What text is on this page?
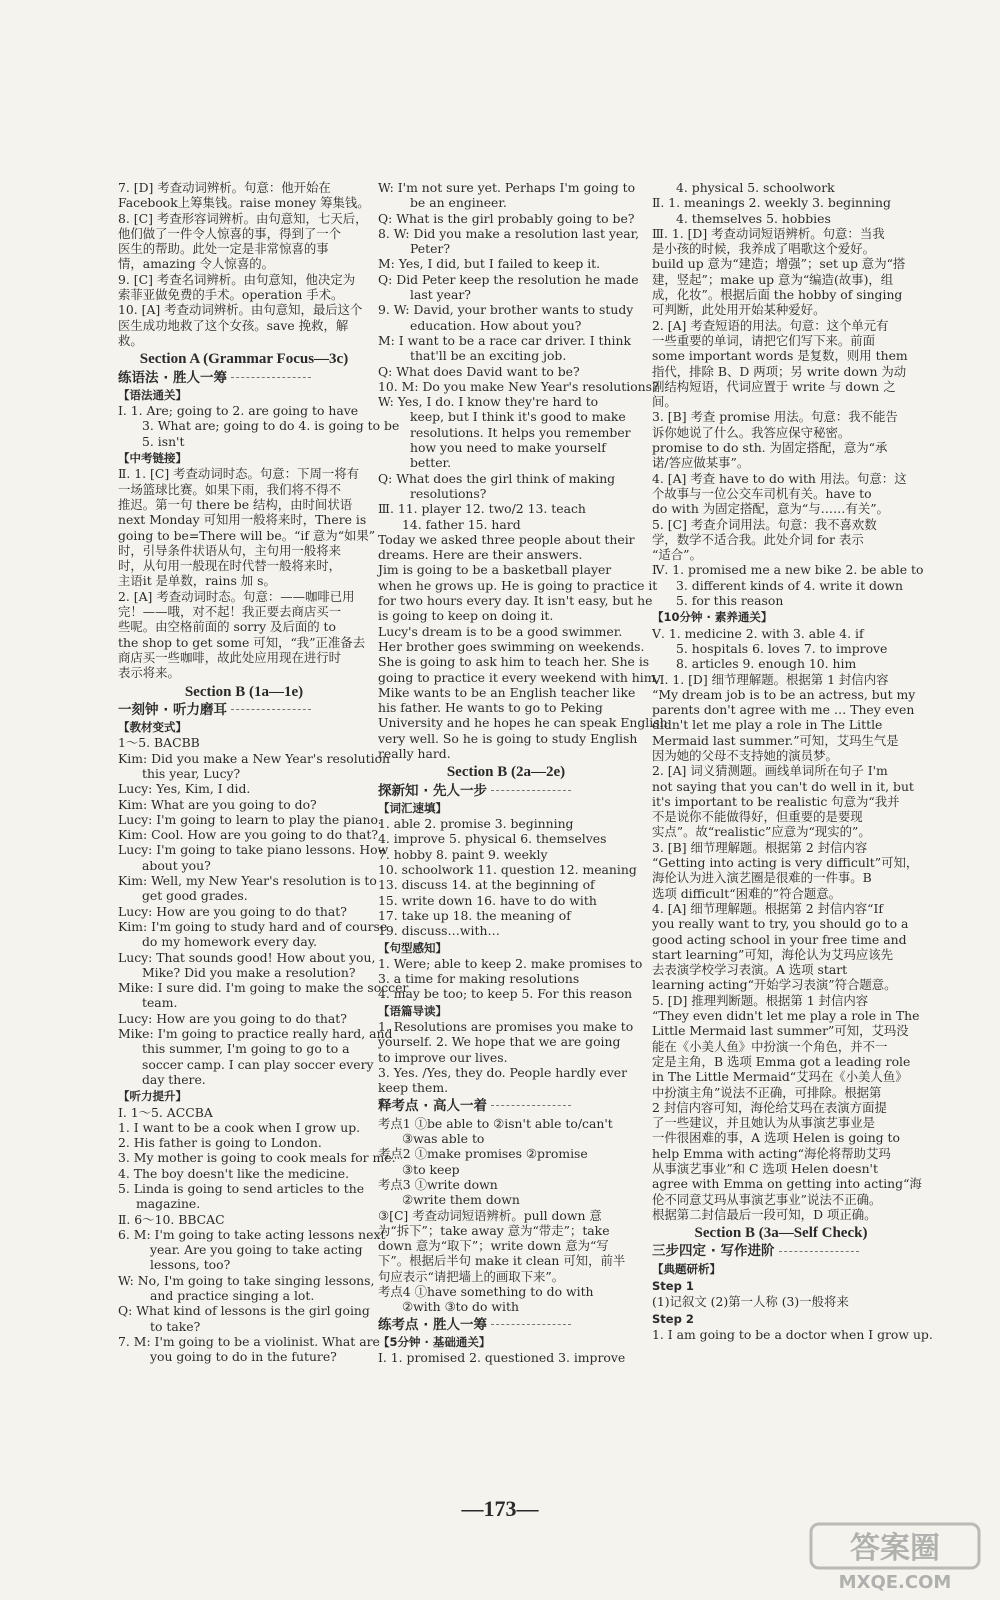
7. [D] 考查动词辨析。句意：他开始在
Facebook上筹集钱。raise money 筹集钱。
8. [C] 考查形容词辨析。由句意知，七天后，
他们做了一件令人惊喜的事，得到了一个
医生的帮助。此处一定是非常惊喜的事
情，amazing 令人惊喜的。
9. [C] 考查名词辨析。由句意知，他决定为
索菲亚做免费的手术。operation 手术。
10. [A] 考查动词辨析。由句意知，最后这个
医生成功地救了这个女孩。save 挽救，解
救。
Section A (Grammar Focus—3c)
练语法 · 胜人一筹
【语法通关】
Ⅰ. 1. Are; going to 2. are going to have
3. What are; going to do 4. is going to be
5. isn't
【中考链接】
Ⅱ. 1. [C] 考查动词时态。句意：下周一将有
一场篮球比赛。如果下雨，我们将不得不
推迟。第一句 there be 结构，由时间状语
next Monday 可知用一般将来时，There is
going to be=There will be。“if 意为“如果”
时，引导条件状语从句，主句用一般将来
时，从句用一般现在时代替一般将来时，
主语it 是单数，rains 加 s。
2. [A] 考查动词时态。句意：——咖啡已用
完！——哦，对不起！我正要去商店买一
些呢。由空格前面的 sorry 及后面的 to
the shop to get some 可知，“我”正准备去
商店买一些咖啡，故此处应用现在进行时
表示将来。
Section B (1a—1e)
一刻钟 · 听力磨耳
【教材变式】
1～5. BACBB
Kim: Did you make a New Year's resolution
this year, Lucy?
Lucy: Yes, Kim, I did.
Kim: What are you going to do?
Lucy: I'm going to learn to play the piano.
Kim: Cool. How are you going to do that?
Lucy: I'm going to take piano lessons. How
about you?
Kim: Well, my New Year's resolution is to
get good grades.
Lucy: How are you going to do that?
Kim: I'm going to study hard and of course
do my homework every day.
Lucy: That sounds good! How about you,
Mike? Did you make a resolution?
Mike: I sure did. I'm going to make the soccer
team.
Lucy: How are you going to do that?
Mike: I'm going to practice really hard, and
this summer, I'm going to go to a
soccer camp. I can play soccer every
day there.
【听力提升】
Ⅰ. 1～5. ACCBA
1. I want to be a cook when I grow up.
2. His father is going to London.
3. My mother is going to cook meals for me.
4. The boy doesn't like the medicine.
5. Linda is going to send articles to the
magazine.
Ⅱ. 6～10. BBCAC
6. M: I'm going to take acting lessons next
year. Are you going to take acting
lessons, too?
W: No, I'm going to take singing lessons,
and practice singing a lot.
Q: What kind of lessons is the girl going
to take?
7. M: I'm going to be a violinist. What are
you going to do in the future?
W: I'm not sure yet. Perhaps I'm going to
be an engineer.
Q: What is the girl probably going to be?
8. W: Did you make a resolution last year,
Peter?
M: Yes, I did, but I failed to keep it.
Q: Did Peter keep the resolution he made
last year?
9. W: David, your brother wants to study
education. How about you?
M: I want to be a race car driver. I think
that'll be an exciting job.
Q: What does David want to be?
10. M: Do you make New Year's resolutions?
W: Yes, I do. I know they're hard to
keep, but I think it's good to make
resolutions. It helps you remember
how you need to make yourself
better.
Q: What does the girl think of making
resolutions?
Ⅲ. 11. player 12. two/2 13. teach
14. father 15. hard
Today we asked three people about their
dreams. Here are their answers.
Jim is going to be a basketball player
when he grows up. He is going to practice it
for two hours every day. It isn't easy, but he
is going to keep on doing it.
Lucy's dream is to be a good swimmer.
Her brother goes swimming on weekends.
She is going to ask him to teach her. She is
going to practice it every weekend with him.
Mike wants to be an English teacher like
his father. He wants to go to Peking
University and he hopes he can speak English
very well. So he is going to study English
really hard.
Section B (2a—2e)
探新知 · 先人一步
【词汇速填】
1. able 2. promise 3. beginning
4. improve 5. physical 6. themselves
7. hobby 8. paint 9. weekly
10. schoolwork 11. question 12. meaning
13. discuss 14. at the beginning of
15. write down 16. have to do with
17. take up 18. the meaning of
19. discuss…with…
【句型感知】
1. Were; able to keep 2. make promises to
3. a time for making resolutions
4. may be too; to keep 5. For this reason
【语篇导读】
1. Resolutions are promises you make to
yourself. 2. We hope that we are going
to improve our lives.
3. Yes. /Yes, they do. People hardly ever
keep them.
释考点 · 高人一着
考点1 ①be able to ②isn't able to/can't
③was able to
考点2 ①make promises ②promise
③to keep
考点3 ①write down
②write them down
③[C] 考查动词短语辨析。pull down 意
为“拆下”；take away 意为“带走”；take
down 意为“取下”；write down 意为“写
下”。根据后半句 make it clean 可知，前半
句应表示“请把墙上的画取下来”。
考点4 ①have something to do with
②with ③to do with
练考点 · 胜人一筹
【5分钟 · 基础通关】
Ⅰ. 1. promised 2. questioned 3. improve
4. physical 5. schoolwork
Ⅱ. 1. meanings 2. weekly 3. beginning
4. themselves 5. hobbies
Ⅲ. 1. [D] 考查动词短语辨析。句意：当我
是小孩的时候，我养成了唱歌这个爱好。
build up 意为“建造；增强”；set up 意为“搭
建，竖起”；make up 意为“编造(故事)，组
成，化妆”。根据后面 the hobby of singing
可判断，此处用开始某种爱好。
2. [A] 考查短语的用法。句意：这个单元有
一些重要的单词，请把它们写下来。前面
some important words 是复数，则用 them
指代，排除 B、D 两项；另 write down 为动
副结构短语，代词应置于 write 与 down 之
间。
3. [B] 考查 promise 用法。句意：我不能告
诉你她说了什么。我答应保守秘密。
promise to do sth. 为固定搭配，意为“承
诺/答应做某事”。
4. [A] 考查 have to do with 用法。句意：这
个故事与一位公交车司机有关。have to
do with 为固定搭配，意为“与……有关”。
5. [C] 考查介词用法。句意：我不喜欢数
学，数学不适合我。此处介词 for 表示
“适合”。
Ⅳ. 1. promised me a new bike 2. be able to
3. different kinds of 4. write it down
5. for this reason
【10分钟 · 素养通关】
Ⅴ. 1. medicine 2. with 3. able 4. if
5. hospitals 6. loves 7. to improve
8. articles 9. enough 10. him
Ⅵ. 1. [D] 细节理解题。根据第 1 封信内容
“My dream job is to be an actress, but my
parents don't agree with me … They even
didn't let me play a role in The Little
Mermaid last summer.”可知，艾玛生气是
因为她的父母不支持她的演员梦。
2. [A] 词义猜测题。画线单词所在句子 I'm
not saying that you can't do well in it, but
it's important to be realistic 句意为“我并
不是说你不能做得好，但重要的是要现
实点”。故“realistic”应意为“现实的”。
3. [B] 细节理解题。根据第 2 封信内容
“Getting into acting is very difficult”可知，
海伦认为进入演艺圈是很难的一件事。B
选项 difficult“困难的”符合题意。
4. [A] 细节理解题。根据第 2 封信内容“If
you really want to try, you should go to a
good acting school in your free time and
start learning”可知，海伦认为艾玛应该先
去表演学校学习表演。A 选项 start
learning acting“开始学习表演”符合题意。
5. [D] 推理判断题。根据第 1 封信内容
“They even didn't let me play a role in The
Little Mermaid last summer”可知，艾玛没
能在《小美人鱼》中扮演一个角色，并不一
定是主角，B 选项 Emma got a leading role
in The Little Mermaid“艾玛在《小美人鱼》
中扮演主角”说法不正确，可排除。根据第
2 封信内容可知，海伦给艾玛在表演方面提
了一些建议，并且她认为从事演艺事业是
一件很困难的事，A 选项 Helen is going to
help Emma with acting“海伦将帮助艾玛
从事演艺事业”和 C 选项 Helen doesn't
agree with Emma on getting into acting“海
伦不同意艾玛从事演艺事业”说法不正确。
根据第二封信最后一段可知，D 项正确。
Section B (3a—Self Check)
三步四定 · 写作进阶
【典题研析】
Step 1
(1)记叙文 (2)第一人称 (3)一般将来
Step 2
1. I am going to be a doctor when I grow up.
—173—
答案圈
MXQE.COM
